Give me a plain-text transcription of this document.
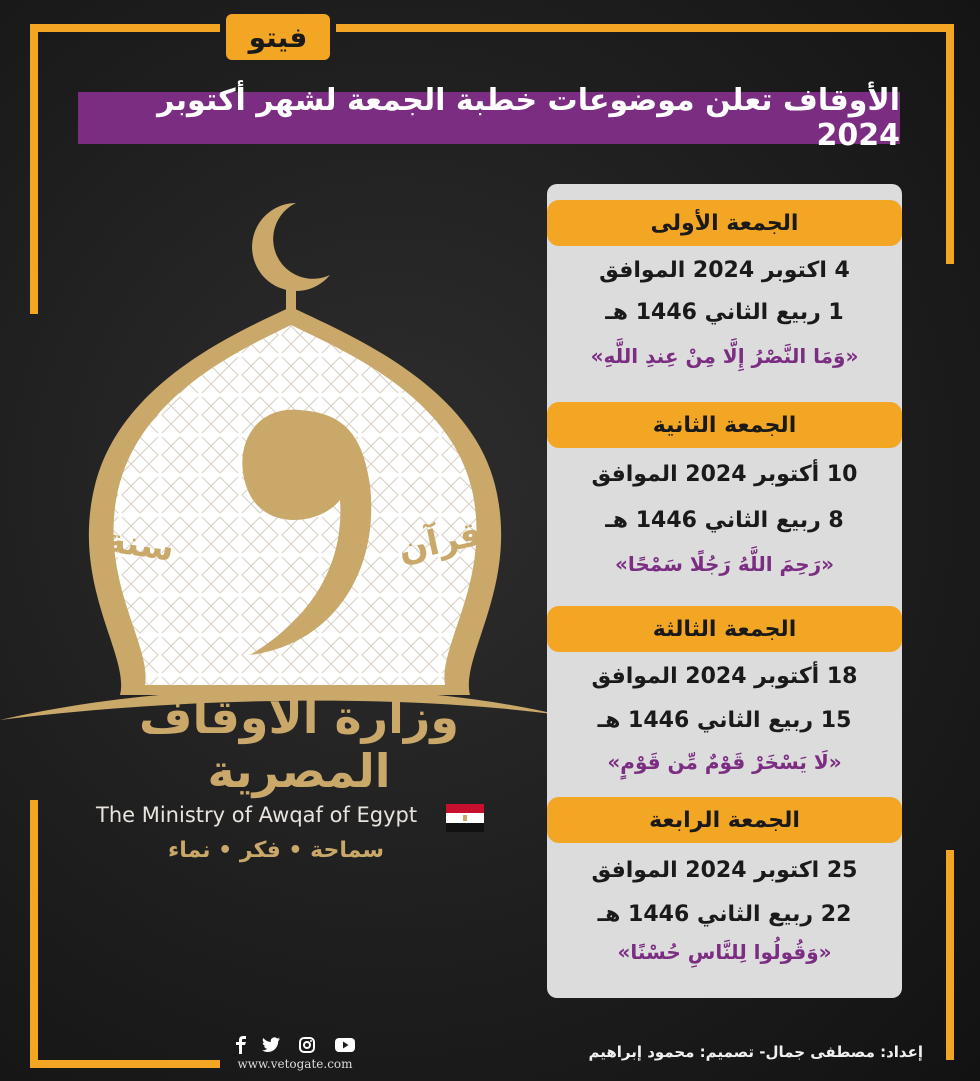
فيتو
الأوقاف تعلن موضوعات خطبة الجمعة لشهر أكتوبر 2024
قرآن
سنة
وزارة الأوقاف المصرية
The Ministry of Awqaf of Egypt
سماحة • فكر • نماء
الجمعة الأولى
4 اكتوبر 2024 الموافق
1 ربيع الثاني 1446 هـ
«وَمَا النَّصْرُ إِلَّا مِنْ عِندِ اللَّهِ»
الجمعة الثانية
10 أكتوبر 2024 الموافق
8 ربيع الثاني 1446 هـ
«رَحِمَ اللَّهُ رَجُلًا سَمْحًا»
الجمعة الثالثة
18 أكتوبر 2024 الموافق
15 ربيع الثاني 1446 هـ
«لَا يَسْخَرْ قَوْمٌ مِّن قَوْمٍ»
الجمعة الرابعة
25 اكتوبر 2024 الموافق
22 ربيع الثاني 1446 هـ
«وَقُولُوا لِلنَّاسِ حُسْنًا»
إعداد: مصطفى جمال- تصميم: محمود إبراهيم
www.vetogate.com
